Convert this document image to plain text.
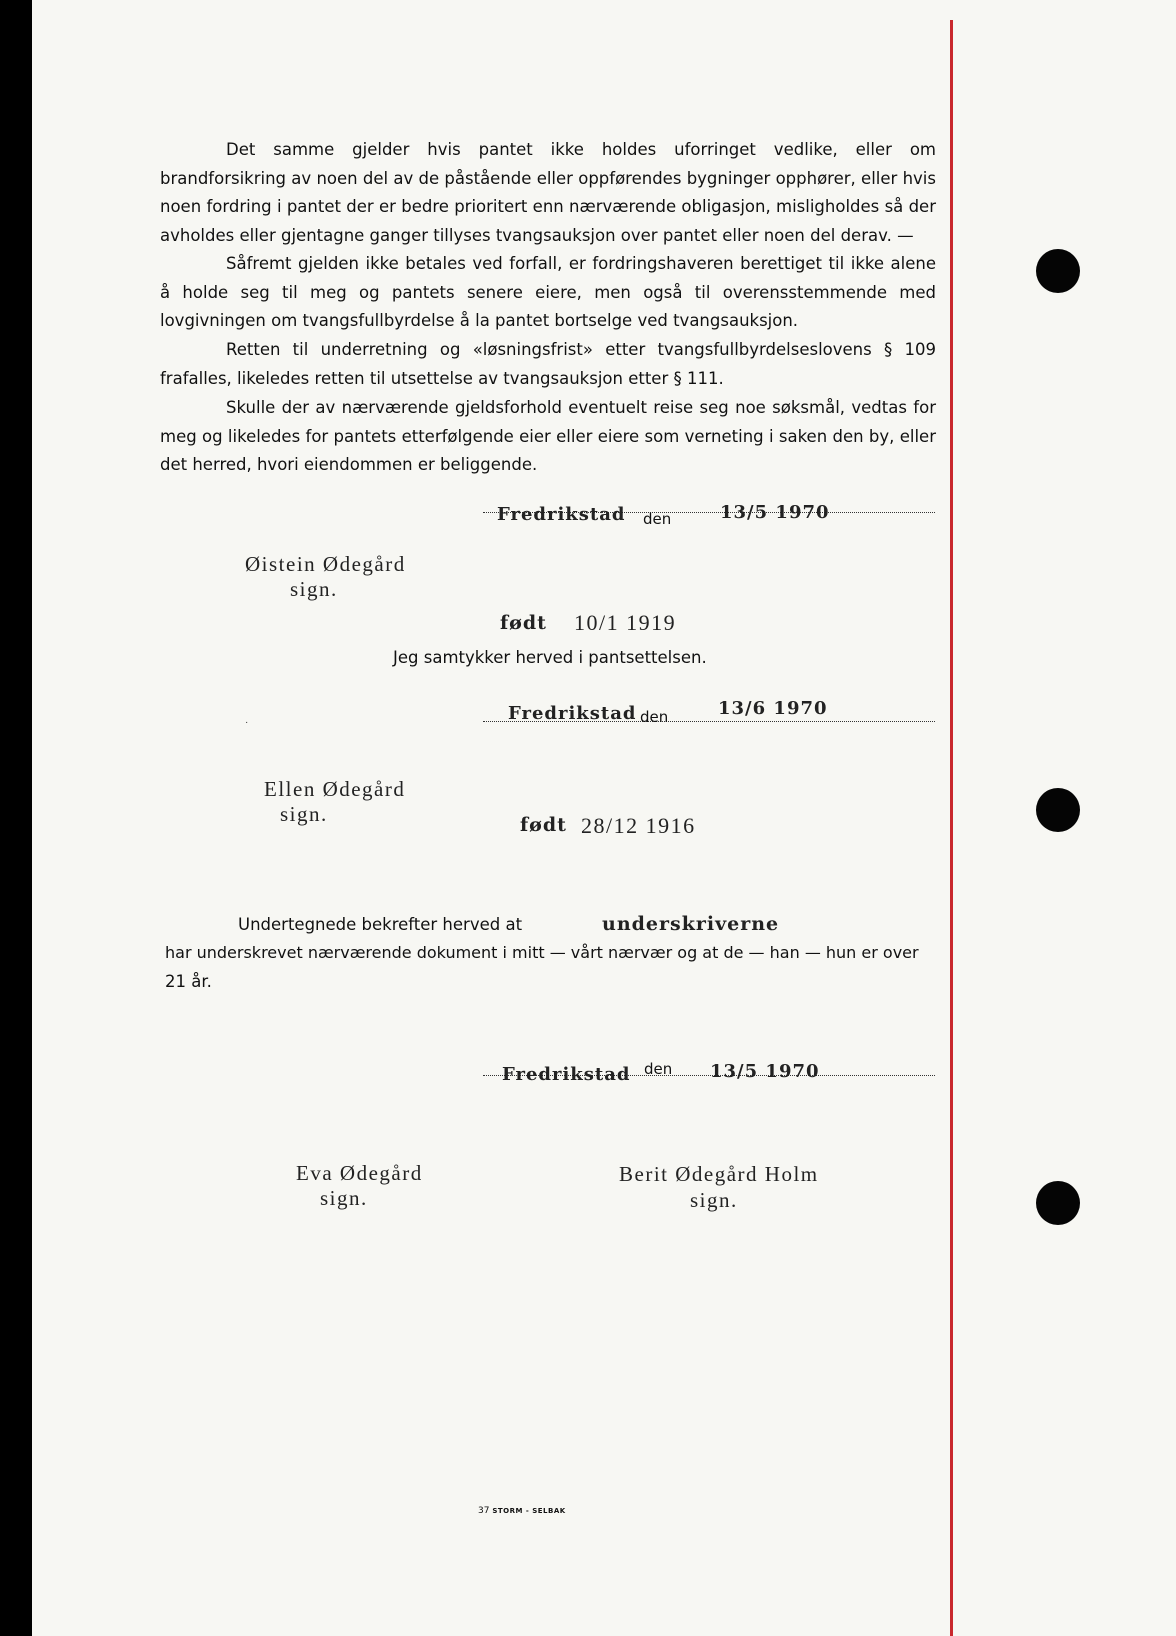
Det samme gjelder hvis pantet ikke holdes uforringet vedlike, eller om brandforsikring av noen del av de påstående eller oppførendes bygninger opphører, eller hvis noen fordring i pantet der er bedre prioritert enn nærværende obligasjon, misligholdes så der avholdes eller gjentagne ganger tillyses tvangsauksjon over pantet eller noen del derav. —

Såfremt gjelden ikke betales ved forfall, er fordringshaveren berettiget til ikke alene å holde seg til meg og pantets senere eiere, men også til overensstemmende med lovgivningen om tvangsfullbyrdelse å la pantet bortselge ved tvangsauksjon.

Retten til underretning og «løsningsfrist» etter tvangsfullbyrdelseslovens § 109 frafalles, likeledes retten til utsettelse av tvangsauksjon etter § 111.

Skulle der av nærværende gjeldsforhold eventuelt reise seg noe søksmål, vedtas for meg og likeledes for pantets etterfølgende eier eller eiere som verneting i saken den by, eller det herred, hvori eiendommen er beliggende.

Fredrikstad den	13/5 1970
Øistein Ødegård
sign.
født 10/1 1919
Jeg samtykker herved i pantsettelsen.
·	Fredrikstad den	13/6 1970
Ellen Ødegård
sign.	født 28/12 1916
Undertegnede bekrefter herved at	underskriverne
har underskrevet nærværende dokument i mitt — vårt nærvær og at de — han — hun er over
21 år.
Fredrikstad den 13/5 1970
Eva Ødegård
sign.
Berit Ødegård Holm
sign.
37 STORM - SELBAK
